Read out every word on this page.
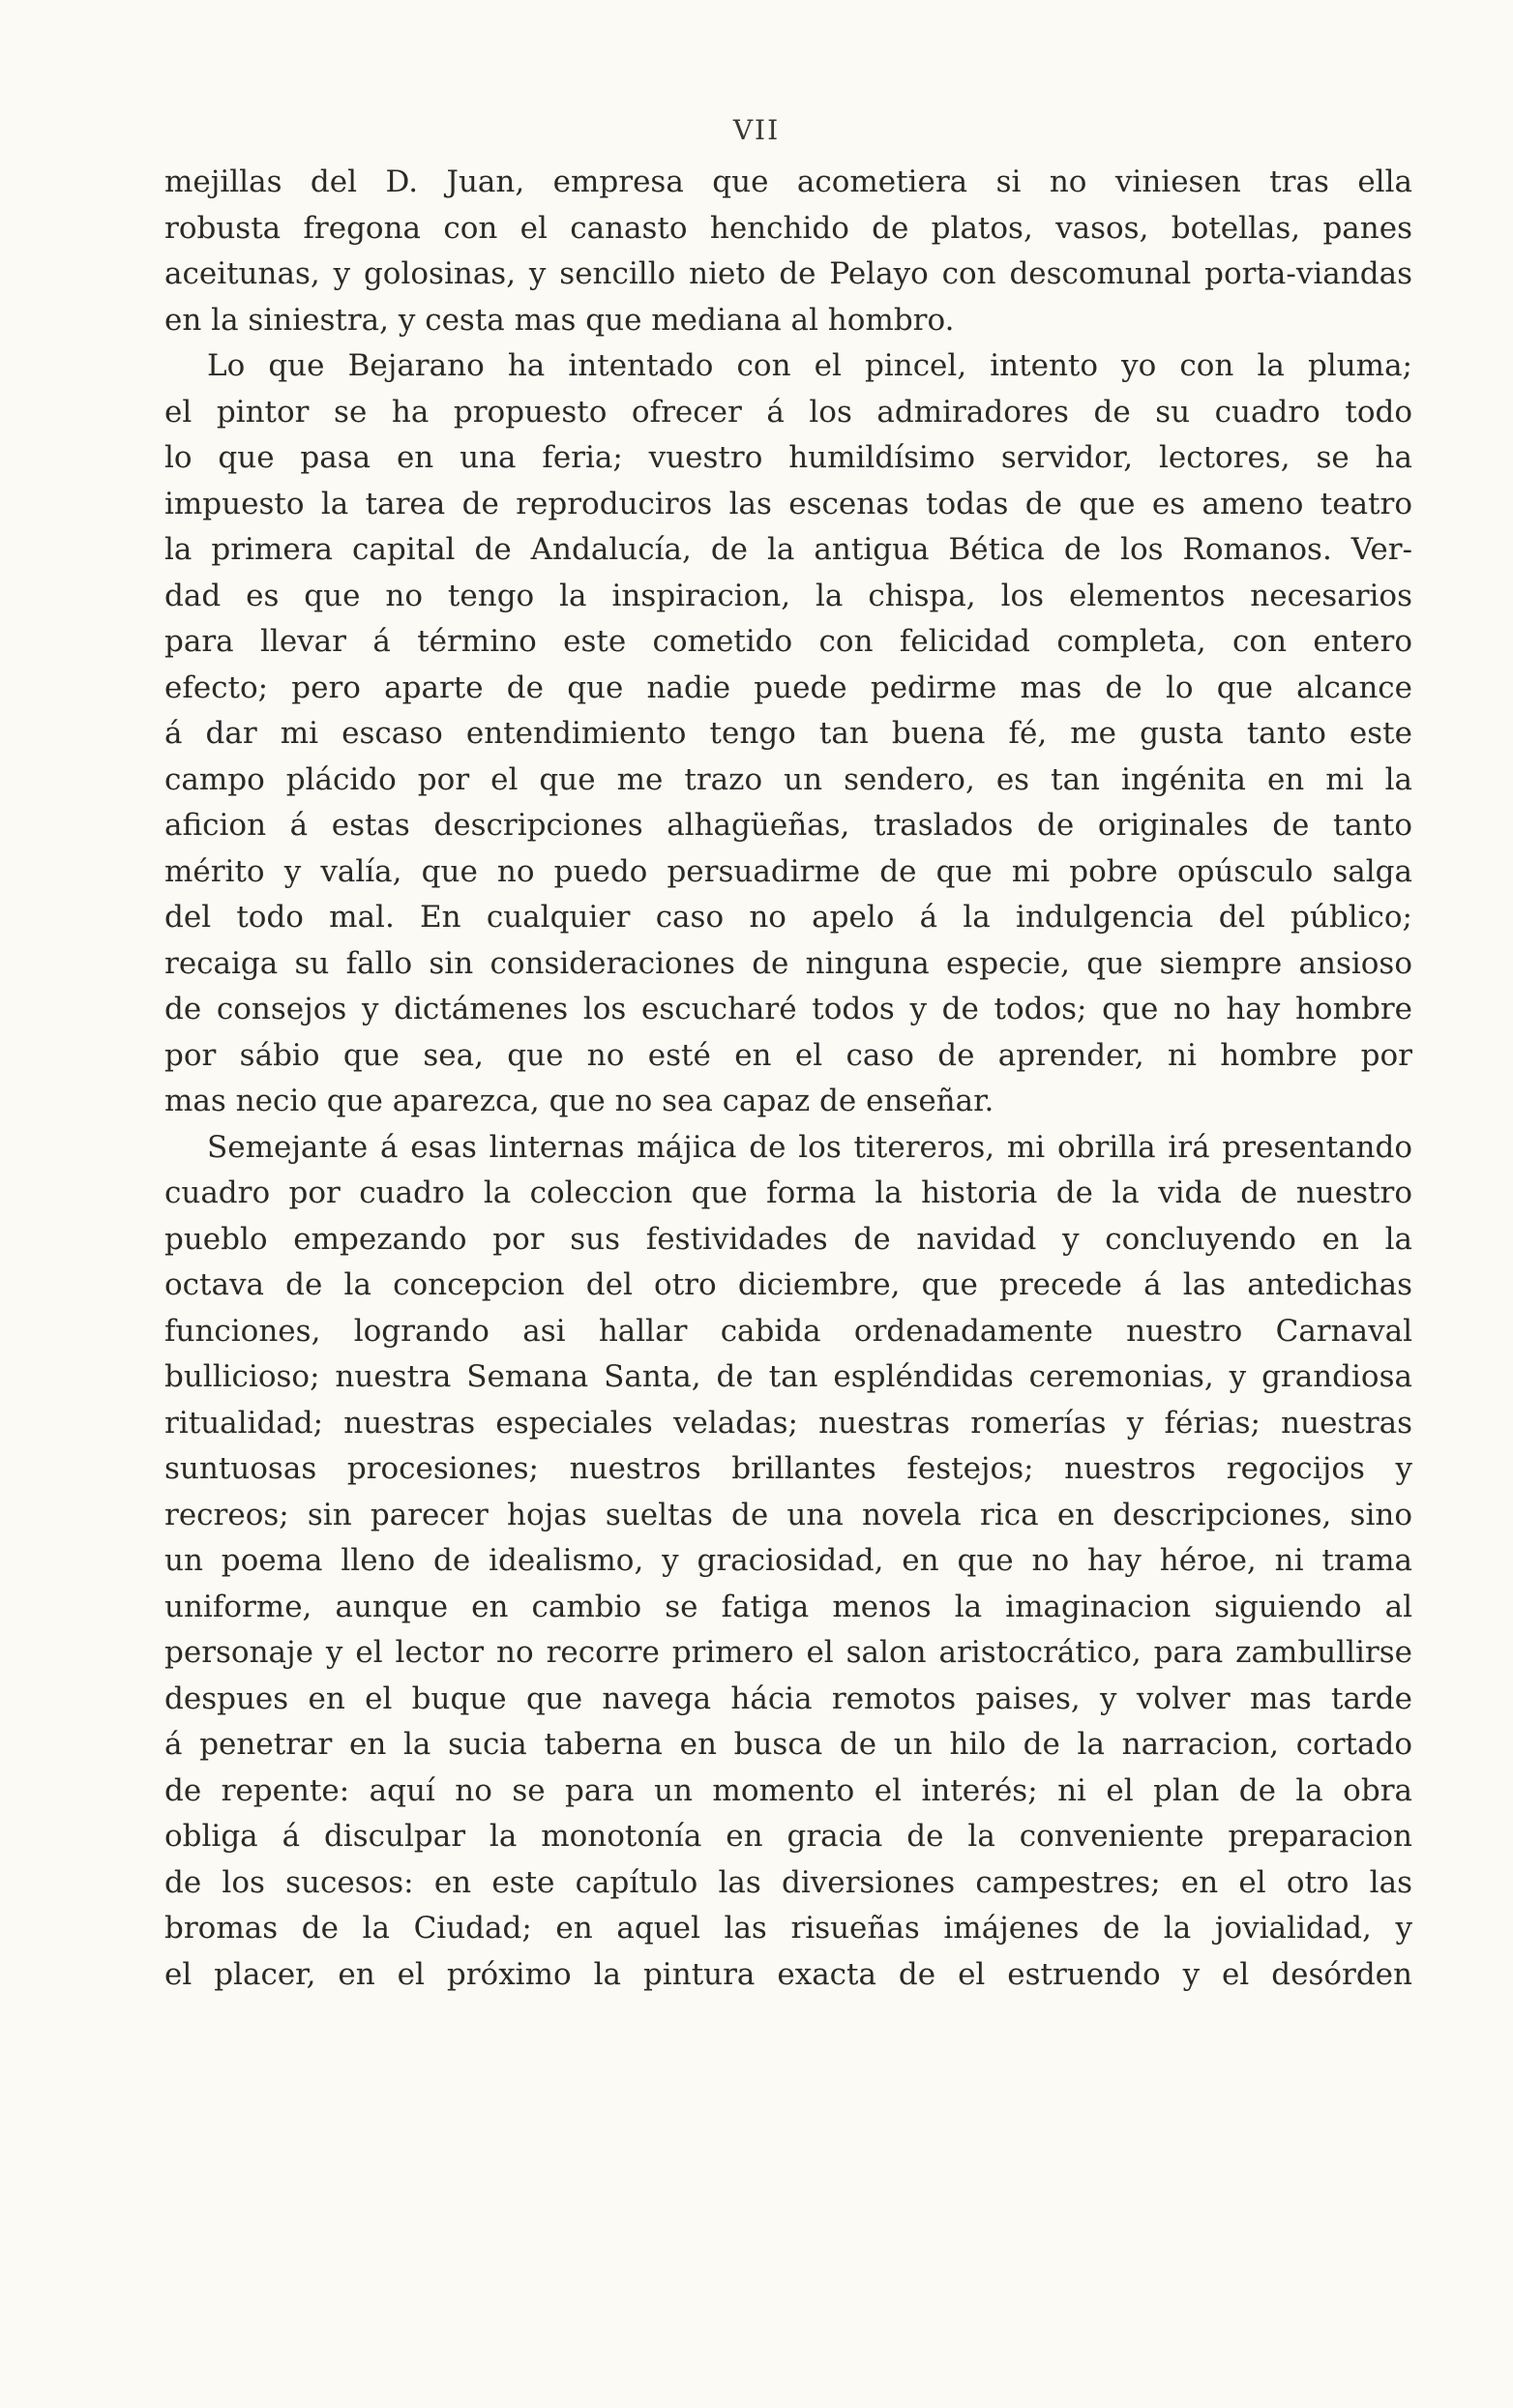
VII
mejillas del D. Juan, empresa que acometiera si no viniesen tras ella
robusta fregona con el canasto henchido de platos, vasos, botellas, panes
aceitunas, y golosinas, y sencillo nieto de Pelayo con descomunal porta-viandas
en la siniestra, y cesta mas que mediana al hombro.
Lo que Bejarano ha intentado con el pincel, intento yo con la pluma;
el pintor se ha propuesto ofrecer á los admiradores de su cuadro todo
lo que pasa en una feria; vuestro humildísimo servidor, lectores, se ha
impuesto la tarea de reproduciros las escenas todas de que es ameno teatro
la primera capital de Andalucía, de la antigua Bética de los Romanos. Ver-
dad es que no tengo la inspiracion, la chispa, los elementos necesarios
para llevar á término este cometido con felicidad completa, con entero
efecto; pero aparte de que nadie puede pedirme mas de lo que alcance
á dar mi escaso entendimiento tengo tan buena fé, me gusta tanto este
campo plácido por el que me trazo un sendero, es tan ingénita en mi la
aficion á estas descripciones alhagüeñas, traslados de originales de tanto
mérito y valía, que no puedo persuadirme de que mi pobre opúsculo salga
del todo mal. En cualquier caso no apelo á la indulgencia del público;
recaiga su fallo sin consideraciones de ninguna especie, que siempre ansioso
de consejos y dictámenes los escucharé todos y de todos; que no hay hombre
por sábio que sea, que no esté en el caso de aprender, ni hombre por
mas necio que aparezca, que no sea capaz de enseñar.
Semejante á esas linternas májica de los titereros, mi obrilla irá presentando
cuadro por cuadro la coleccion que forma la historia de la vida de nuestro
pueblo empezando por sus festividades de navidad y concluyendo en la
octava de la concepcion del otro diciembre, que precede á las antedichas
funciones, logrando asi hallar cabida ordenadamente nuestro Carnaval
bullicioso; nuestra Semana Santa, de tan espléndidas ceremonias, y grandiosa
ritualidad; nuestras especiales veladas; nuestras romerías y férias; nuestras
suntuosas procesiones; nuestros brillantes festejos; nuestros regocijos y
recreos; sin parecer hojas sueltas de una novela rica en descripciones, sino
un poema lleno de idealismo, y graciosidad, en que no hay héroe, ni trama
uniforme, aunque en cambio se fatiga menos la imaginacion siguiendo al
personaje y el lector no recorre primero el salon aristocrático, para zambullirse
despues en el buque que navega hácia remotos paises, y volver mas tarde
á penetrar en la sucia taberna en busca de un hilo de la narracion, cortado
de repente: aquí no se para un momento el interés; ni el plan de la obra
obliga á disculpar la monotonía en gracia de la conveniente preparacion
de los sucesos: en este capítulo las diversiones campestres; en el otro las
bromas de la Ciudad; en aquel las risueñas imájenes de la jovialidad, y
el placer, en el próximo la pintura exacta de el estruendo y el desórden
